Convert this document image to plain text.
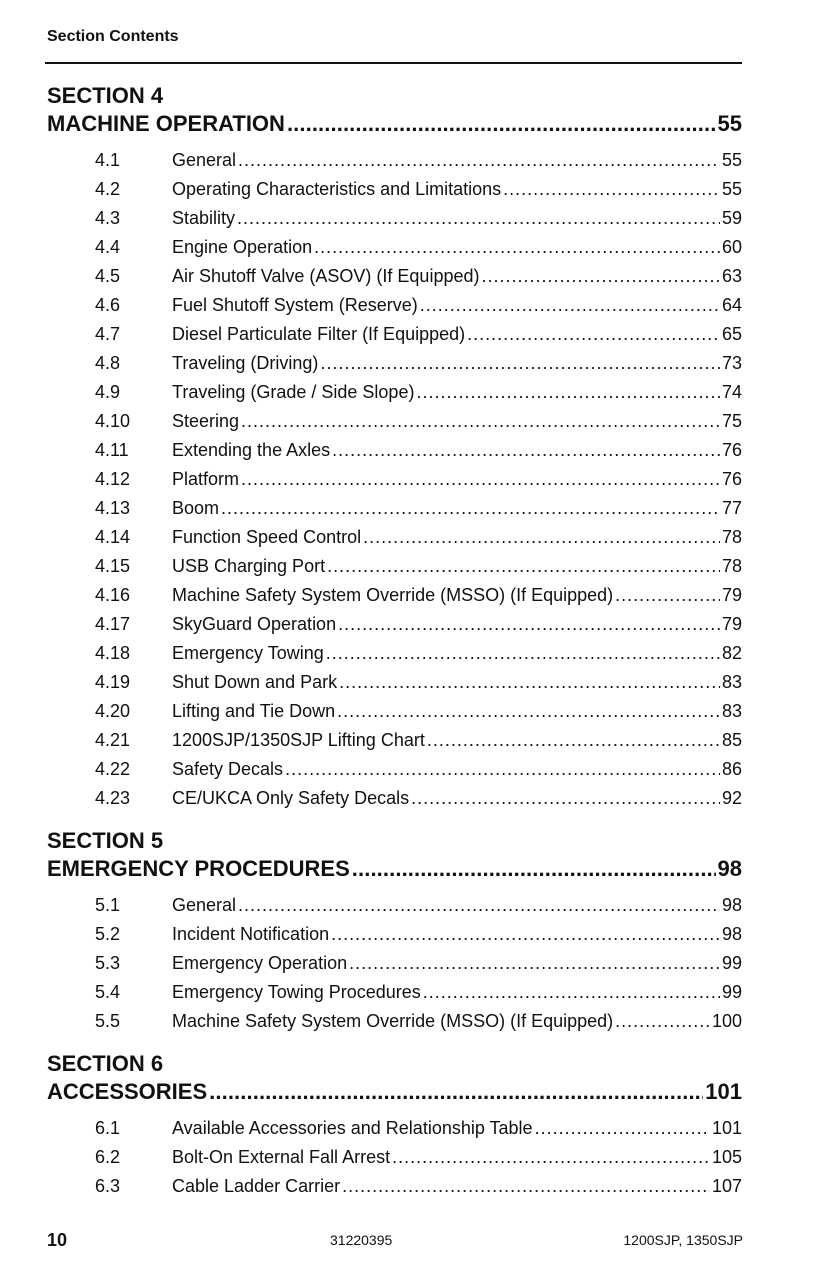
Section Contents
SECTION 4
MACHINE OPERATION . . .	55
4.1	General . . .	55
4.2	Operating Characteristics and Limitations . . .	55
4.3	Stability . . .	59
4.4	Engine Operation . . .	60
4.5	Air Shutoff Valve (ASOV) (If Equipped) . . .	63
4.6	Fuel Shutoff System (Reserve) . . .	64
4.7	Diesel Particulate Filter (If Equipped) . . .	65
4.8	Traveling (Driving) . . .	73
4.9	Traveling (Grade / Side Slope) . . .	74
4.10	Steering . . .	75
4.11	Extending the Axles . . .	76
4.12	Platform . . .	76
4.13	Boom . . .	77
4.14	Function Speed Control . . .	78
4.15	USB Charging Port . . .	78
4.16	Machine Safety System Override (MSSO) (If Equipped) . . .	79
4.17	SkyGuard Operation . . .	79
4.18	Emergency Towing . . .	82
4.19	Shut Down and Park . . .	83
4.20	Lifting and Tie Down . . .	83
4.21	1200SJP/1350SJP Lifting Chart . . .	85
4.22	Safety Decals . . .	86
4.23	CE/UKCA Only Safety Decals . . .	92
SECTION 5
EMERGENCY PROCEDURES . . .	98
5.1	General . . .	98
5.2	Incident Notification . . .	98
5.3	Emergency Operation . . .	99
5.4	Emergency Towing Procedures . . .	99
5.5	Machine Safety System Override (MSSO) (If Equipped) . . .	100
SECTION 6
ACCESSORIES . . .	101
6.1	Available Accessories and Relationship Table . . .	101
6.2	Bolt-On External Fall Arrest . . .	105
6.3	Cable Ladder Carrier . . .	107
10	31220395	1200SJP, 1350SJP
